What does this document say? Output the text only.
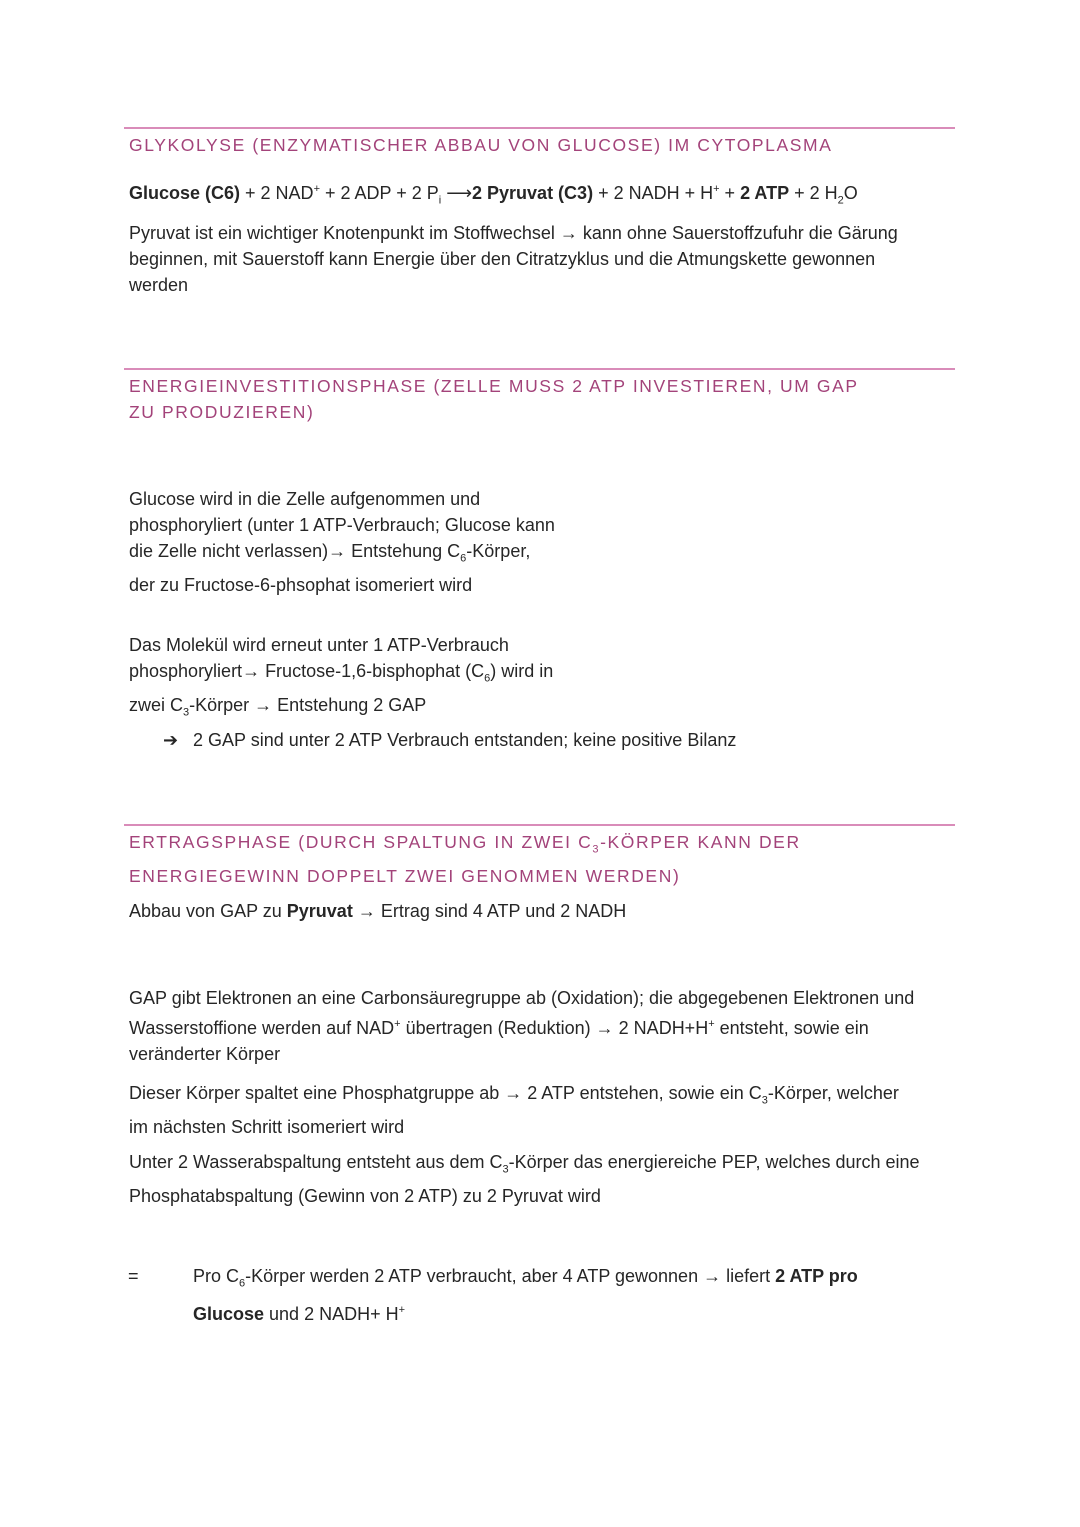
GLYKOLYSE (ENZYMATISCHER ABBAU VON GLUCOSE) IM CYTOPLASMA

Glucose (C6) + 2 NAD+ + 2 ADP + 2 $P_i$ ⟶2 Pyruvat (C3) + 2 NADH + H+ + 2 ATP + 2 $H_2O$

Pyruvat ist ein wichtiger Knotenpunkt im Stoffwechsel → kann ohne Sauerstoffzufuhr die Gärung beginnen, mit Sauerstoff kann Energie über den Citratzyklus und die Atmungskette gewonnen werden

ENERGIEINVESTITIONSPHASE (ZELLE MUSS 2 ATP INVESTIEREN, UM GAP ZU PRODUZIEREN)

Glucose wird in die Zelle aufgenommen und phosphoryliert (unter 1 ATP-Verbrauch; Glucose kann die Zelle nicht verlassen)→ Entstehung $C_6$-Körper, der zu Fructose-6-phsophat isomeriert wird

Das Molekül wird erneut unter 1 ATP-Verbrauch phosphoryliert→ Fructose-1,6-bisphophat $(C_6)$ wird in zwei $C_3$-Körper → Entstehung 2 GAP

➔ 2 GAP sind unter 2 ATP Verbrauch entstanden; keine positive Bilanz

ERTRAGSPHASE (DURCH SPALTUNG IN ZWEI $C_3$-KÖRPER KANN DER ENERGIEGEWINN DOPPELT ZWEI GENOMMEN WERDEN)

Abbau von GAP zu Pyruvat → Ertrag sind 4 ATP und 2 NADH

GAP gibt Elektronen an eine Carbonsäuregruppe ab (Oxidation); die abgegebenen Elektronen und Wasserstoffione werden auf NAD+ übertragen (Reduktion) → 2 NADH+H+ entsteht, sowie ein veränderter Körper

Dieser Körper spaltet eine Phosphatgruppe ab → 2 ATP entstehen, sowie ein $C_3$-Körper, welcher im nächsten Schritt isomeriert wird

Unter 2 Wasserabspaltung entsteht aus dem $C_3$-Körper das energiereiche PEP, welches durch eine Phosphatabspaltung (Gewinn von 2 ATP) zu 2 Pyruvat wird

=	Pro $C_6$-Körper werden 2 ATP verbraucht, aber 4 ATP gewonnen → liefert 2 ATP pro Glucose und 2 NADH+ H+
